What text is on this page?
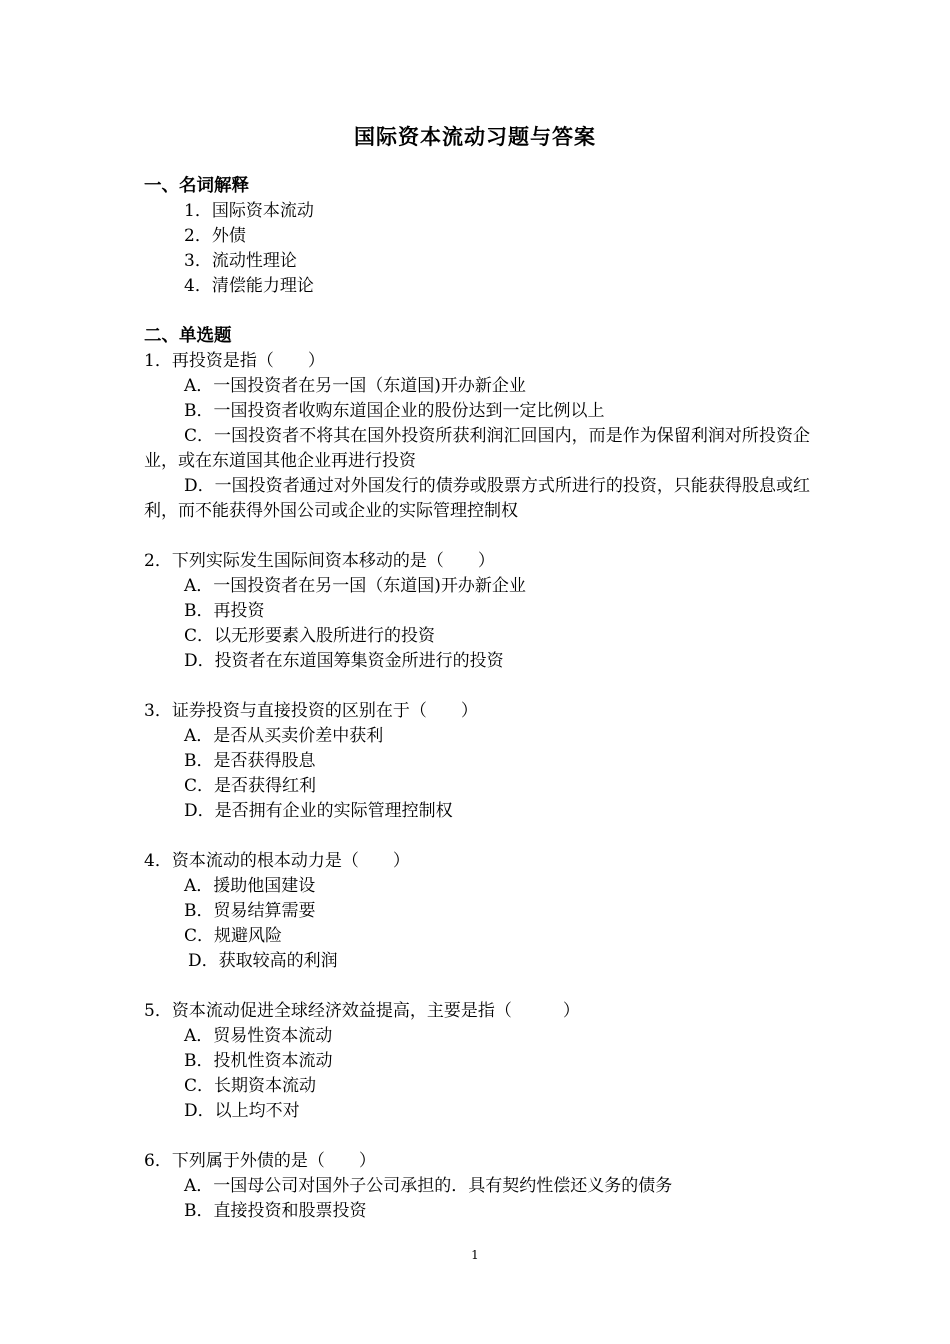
国际资本流动习题与答案
一、名词解释
1．国际资本流动
2．外债
3．流动性理论
4．清偿能力理论
二、单选题
1．再投资是指（　　）
A．一国投资者在另一国（东道国)开办新企业
B．一国投资者收购东道国企业的股份达到一定比例以上
C．一国投资者不将其在国外投资所获利润汇回国内，而是作为保留利润对所投资企业，或在东道国其他企业再进行投资
D．一国投资者通过对外国发行的债券或股票方式所进行的投资，只能获得股息或红利，而不能获得外国公司或企业的实际管理控制权
2．下列实际发生国际间资本移动的是（　　）
A．一国投资者在另一国（东道国)开办新企业
B．再投资
C．以无形要素入股所进行的投资
D．投资者在东道国筹集资金所进行的投资
3．证券投资与直接投资的区别在于（　　）
A．是否从买卖价差中获利
B．是否获得股息
C．是否获得红利
D．是否拥有企业的实际管理控制权
4．资本流动的根本动力是（　　）
A．援助他国建设
B．贸易结算需要
C．规避风险
D．获取较高的利润
5．资本流动促进全球经济效益提高，主要是指（　　　）
A．贸易性资本流动
B．投机性资本流动
C．长期资本流动
D．以上均不对
6．下列属于外债的是（　　）
A．一国母公司对国外子公司承担的．具有契约性偿还义务的债务
B．直接投资和股票投资
1
